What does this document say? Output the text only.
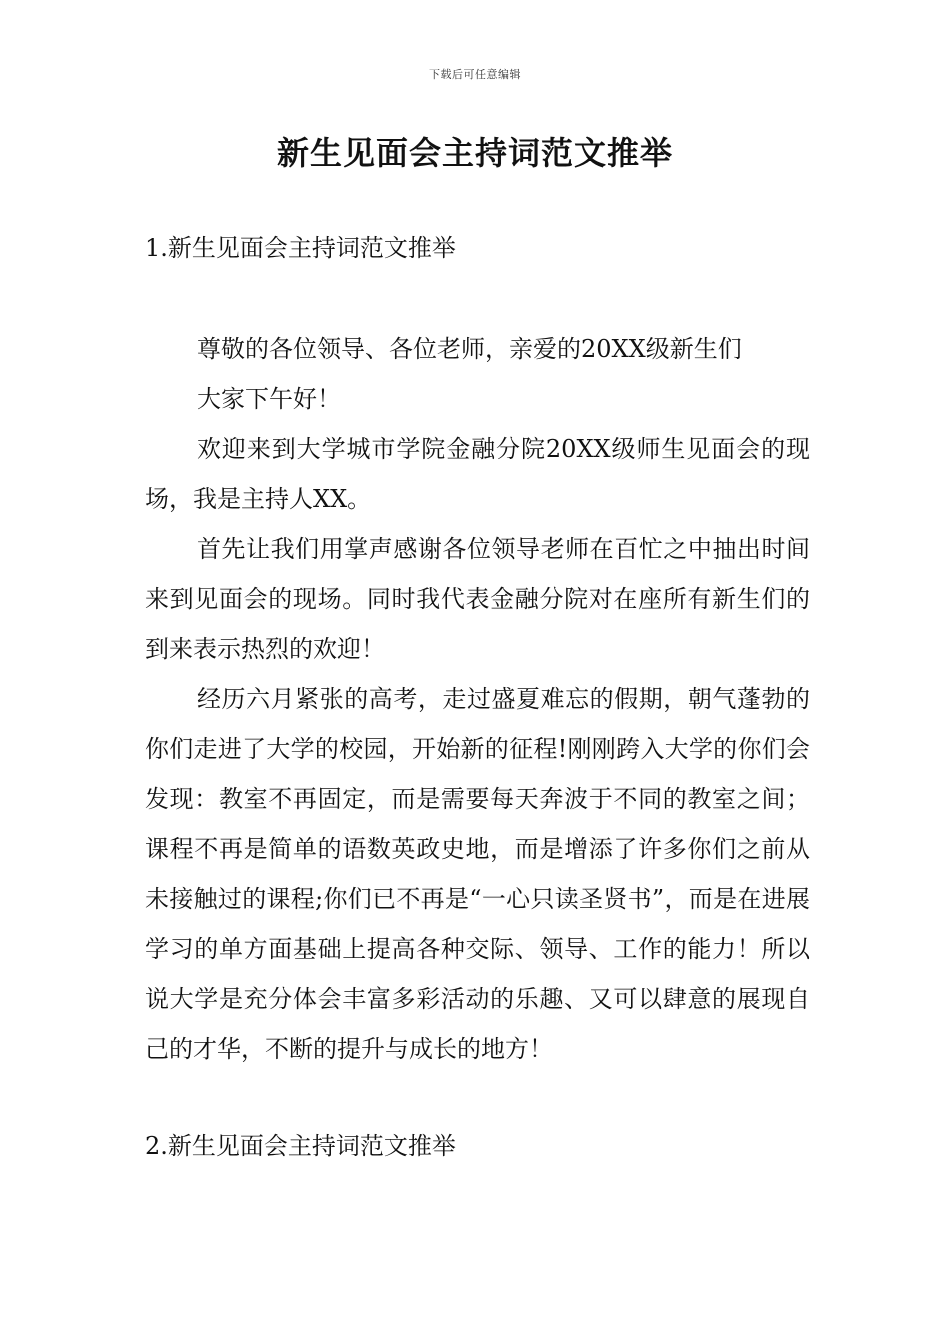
下载后可任意编辑
新生见面会主持词范文推举
1.新生见面会主持词范文推举

尊敬的各位领导、各位老师，亲爱的20XX级新生们

大家下午好！

欢迎来到大学城市学院金融分院20XX级师生见面会的现场，我是主持人XX。

首先让我们用掌声感谢各位领导老师在百忙之中抽出时间来到见面会的现场。同时我代表金融分院对在座所有新生们的到来表示热烈的欢迎！

经历六月紧张的高考，走过盛夏难忘的假期，朝气蓬勃的你们走进了大学的校园，开始新的征程!刚刚跨入大学的你们会发现：教室不再固定，而是需要每天奔波于不同的教室之间；课程不再是简单的语数英政史地，而是增添了许多你们之前从未接触过的课程;你们已不再是“一心只读圣贤书”，而是在进展学习的单方面基础上提高各种交际、领导、工作的能力！所以说大学是充分体会丰富多彩活动的乐趣、又可以肆意的展现自己的才华，不断的提升与成长的地方！

2.新生见面会主持词范文推举
